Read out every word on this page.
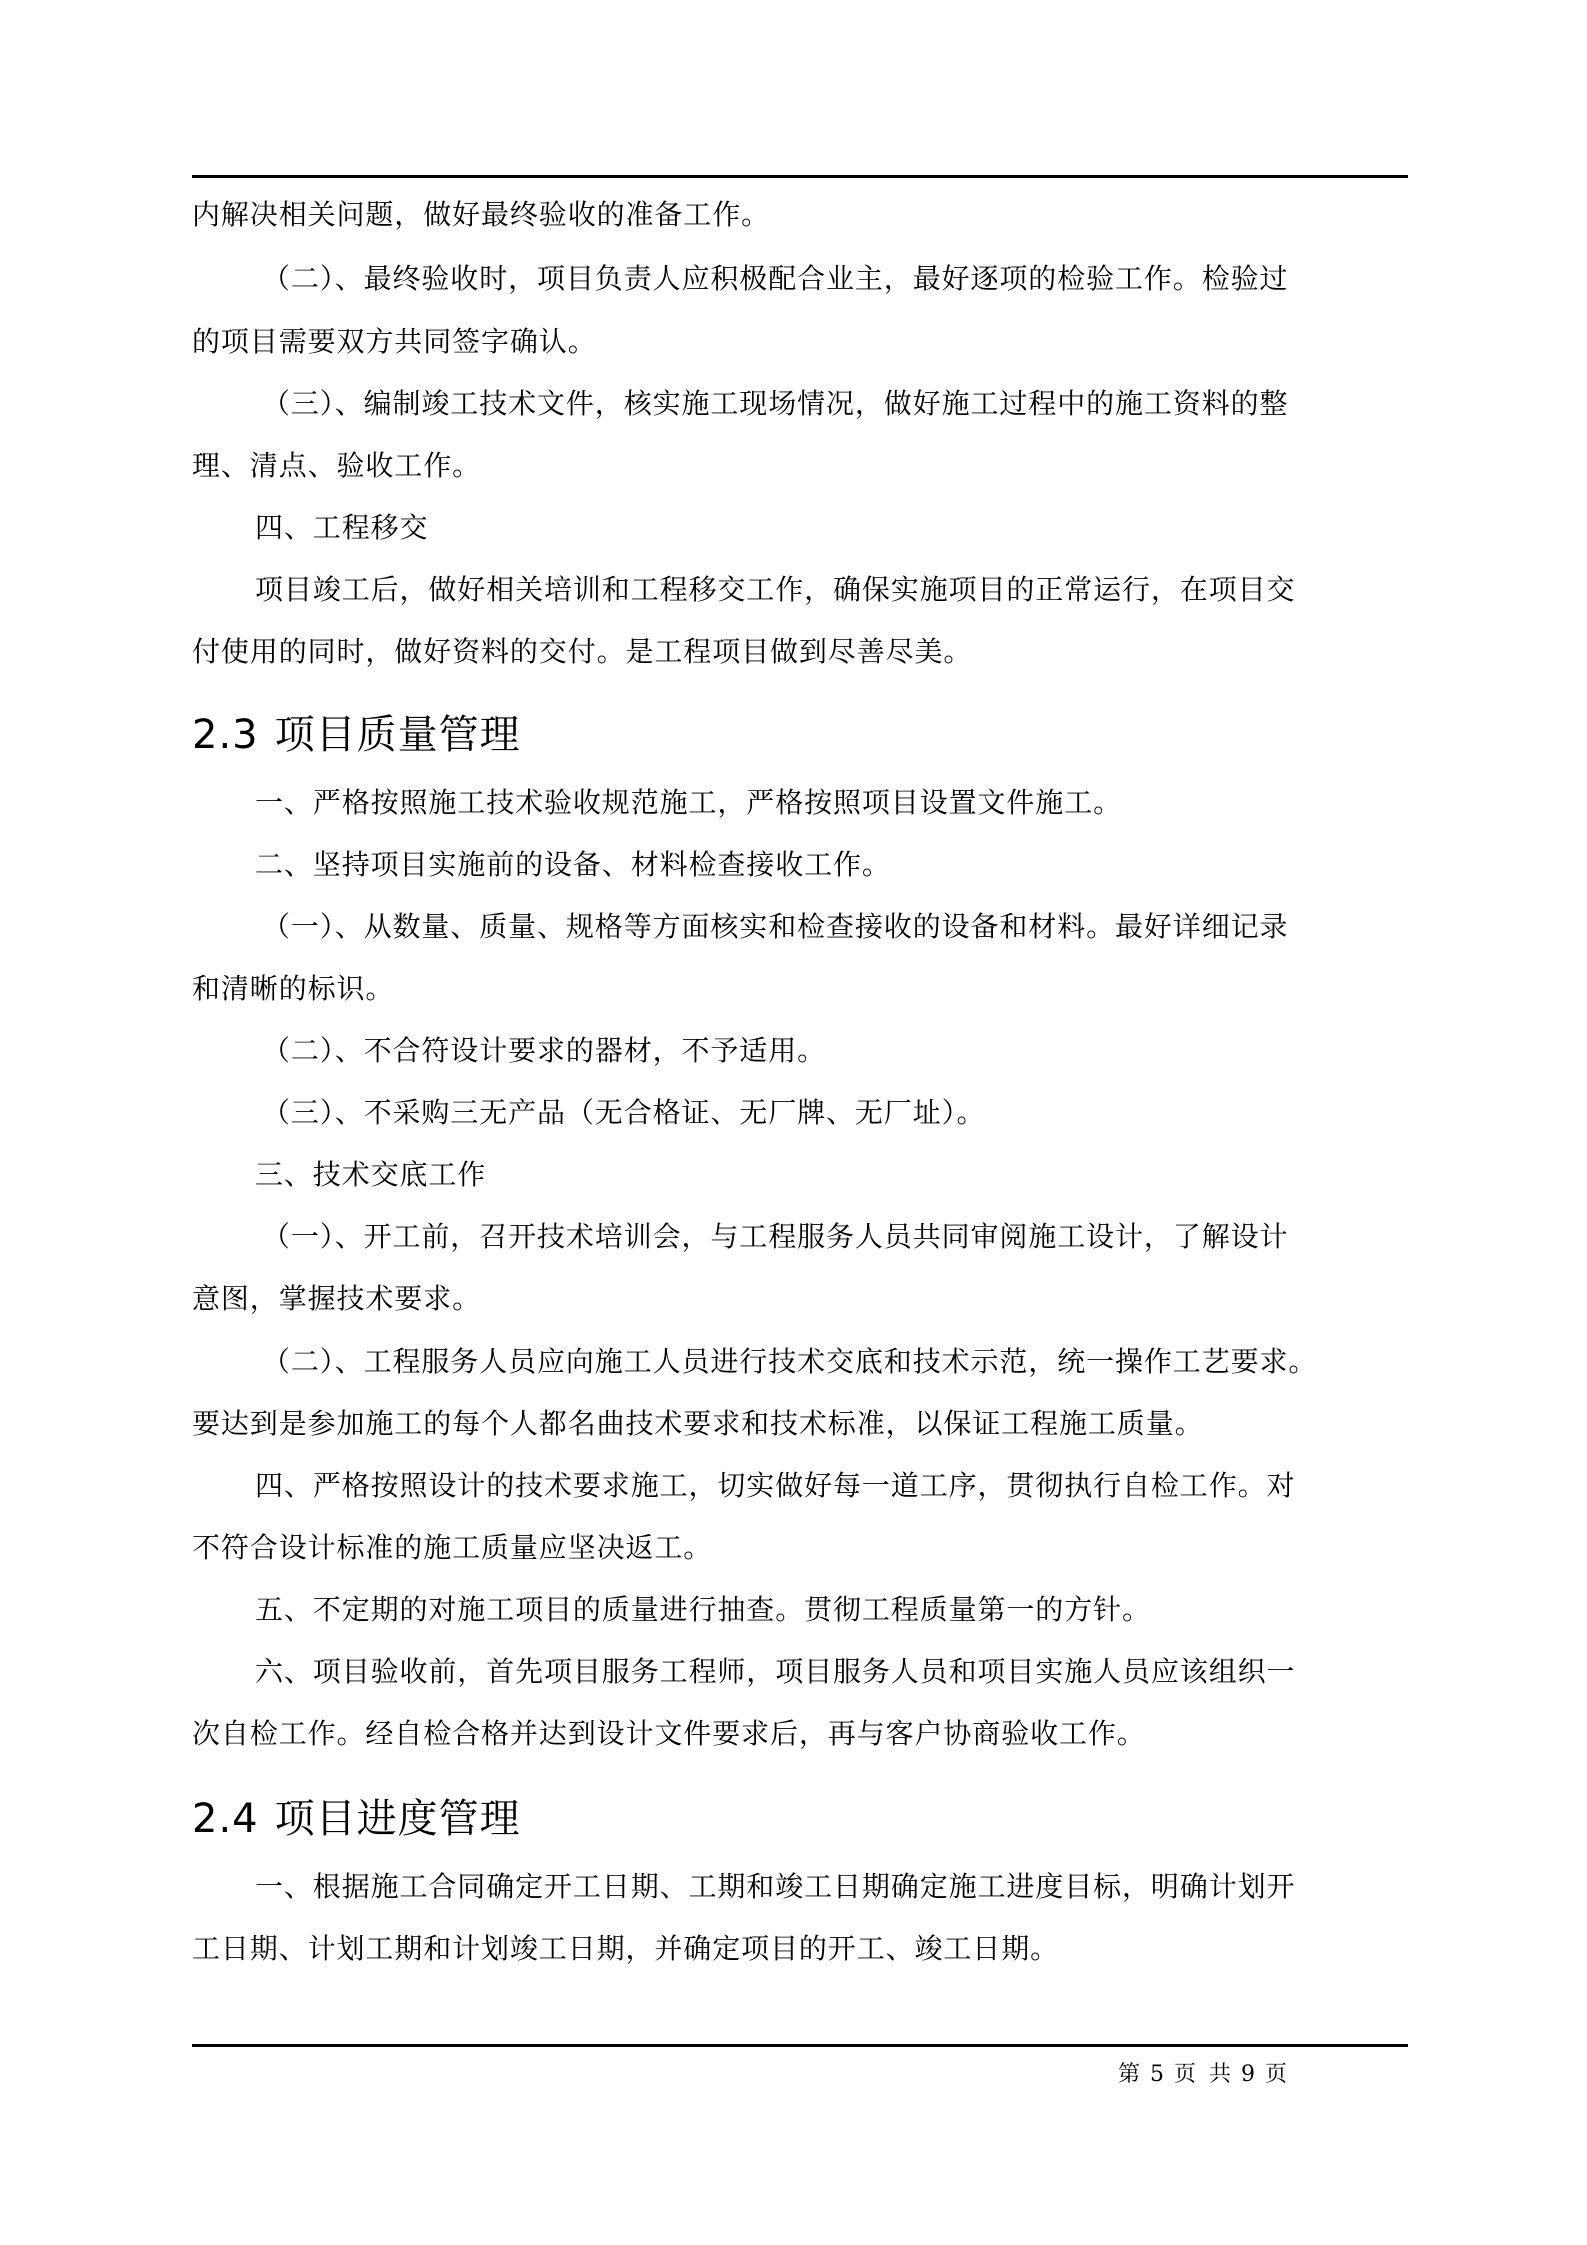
内解决相关问题，做好最终验收的准备工作。
（二）、最终验收时，项目负责人应积极配合业主，最好逐项的检验工作。检验过
的项目需要双方共同签字确认。
（三）、编制竣工技术文件，核实施工现场情况，做好施工过程中的施工资料的整
理、清点、验收工作。
四、工程移交
项目竣工后，做好相关培训和工程移交工作，确保实施项目的正常运行，在项目交
付使用的同时，做好资料的交付。是工程项目做到尽善尽美。
2.3 项目质量管理
一、严格按照施工技术验收规范施工，严格按照项目设置文件施工。
二、坚持项目实施前的设备、材料检查接收工作。
（一）、从数量、质量、规格等方面核实和检查接收的设备和材料。最好详细记录
和清晰的标识。
（二）、不合符设计要求的器材，不予适用。
（三）、不采购三无产品（无合格证、无厂牌、无厂址）。
三、技术交底工作
（一）、开工前，召开技术培训会，与工程服务人员共同审阅施工设计，了解设计
意图，掌握技术要求。
（二）、工程服务人员应向施工人员进行技术交底和技术示范，统一操作工艺要求。
要达到是参加施工的每个人都名曲技术要求和技术标准，以保证工程施工质量。
四、严格按照设计的技术要求施工，切实做好每一道工序，贯彻执行自检工作。对
不符合设计标准的施工质量应坚决返工。
五、不定期的对施工项目的质量进行抽查。贯彻工程质量第一的方针。
六、项目验收前，首先项目服务工程师，项目服务人员和项目实施人员应该组织一
次自检工作。经自检合格并达到设计文件要求后，再与客户协商验收工作。
2.4 项目进度管理
一、根据施工合同确定开工日期、工期和竣工日期确定施工进度目标，明确计划开
工日期、计划工期和计划竣工日期，并确定项目的开工、竣工日期。
第 5 页 共 9 页
